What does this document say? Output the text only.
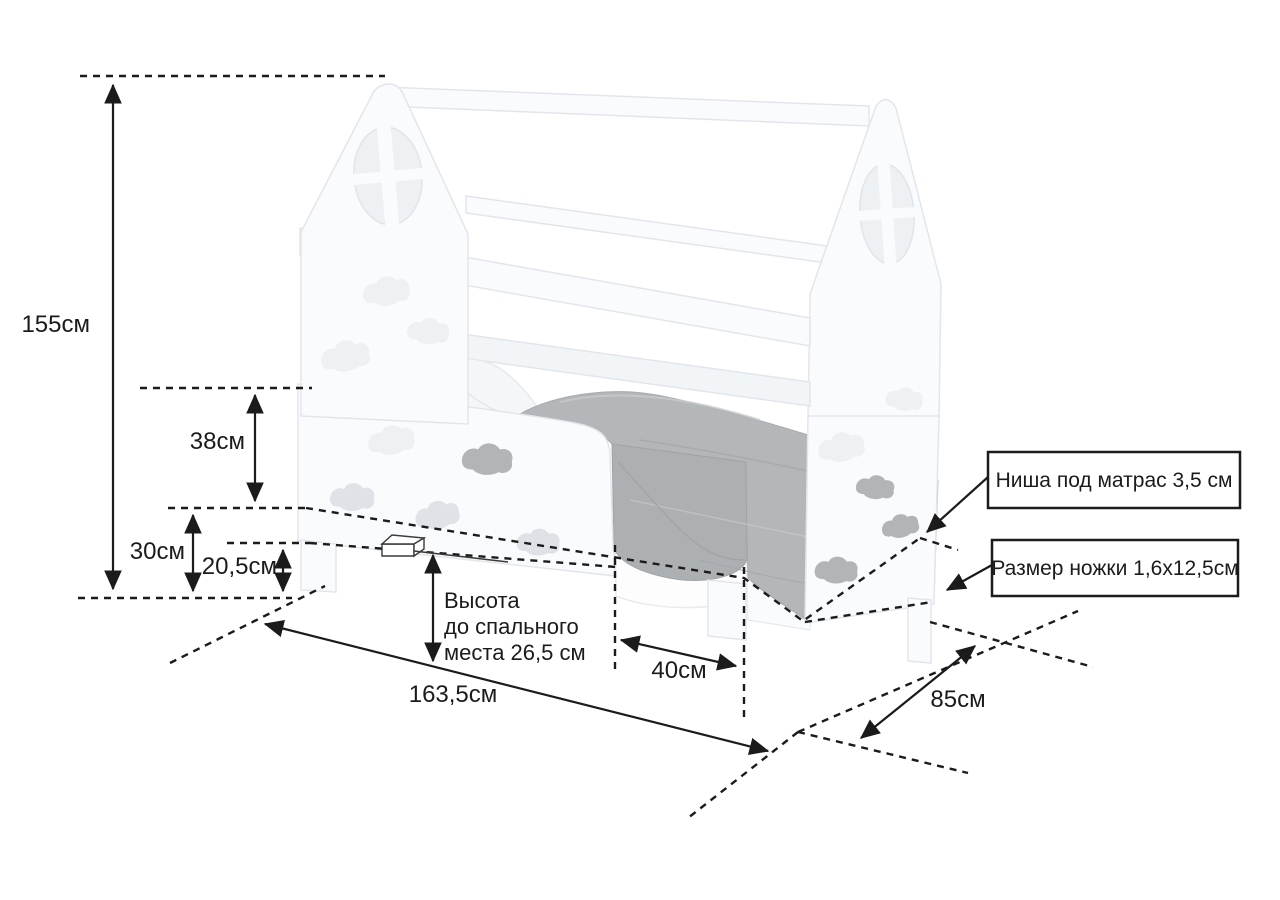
155см
38см
30см
20,5см
163,5см
40см
85см
Высота до спального места 26,5 см
Ниша под матрас 3,5 см
Размер ножки 1,6х12,5см
